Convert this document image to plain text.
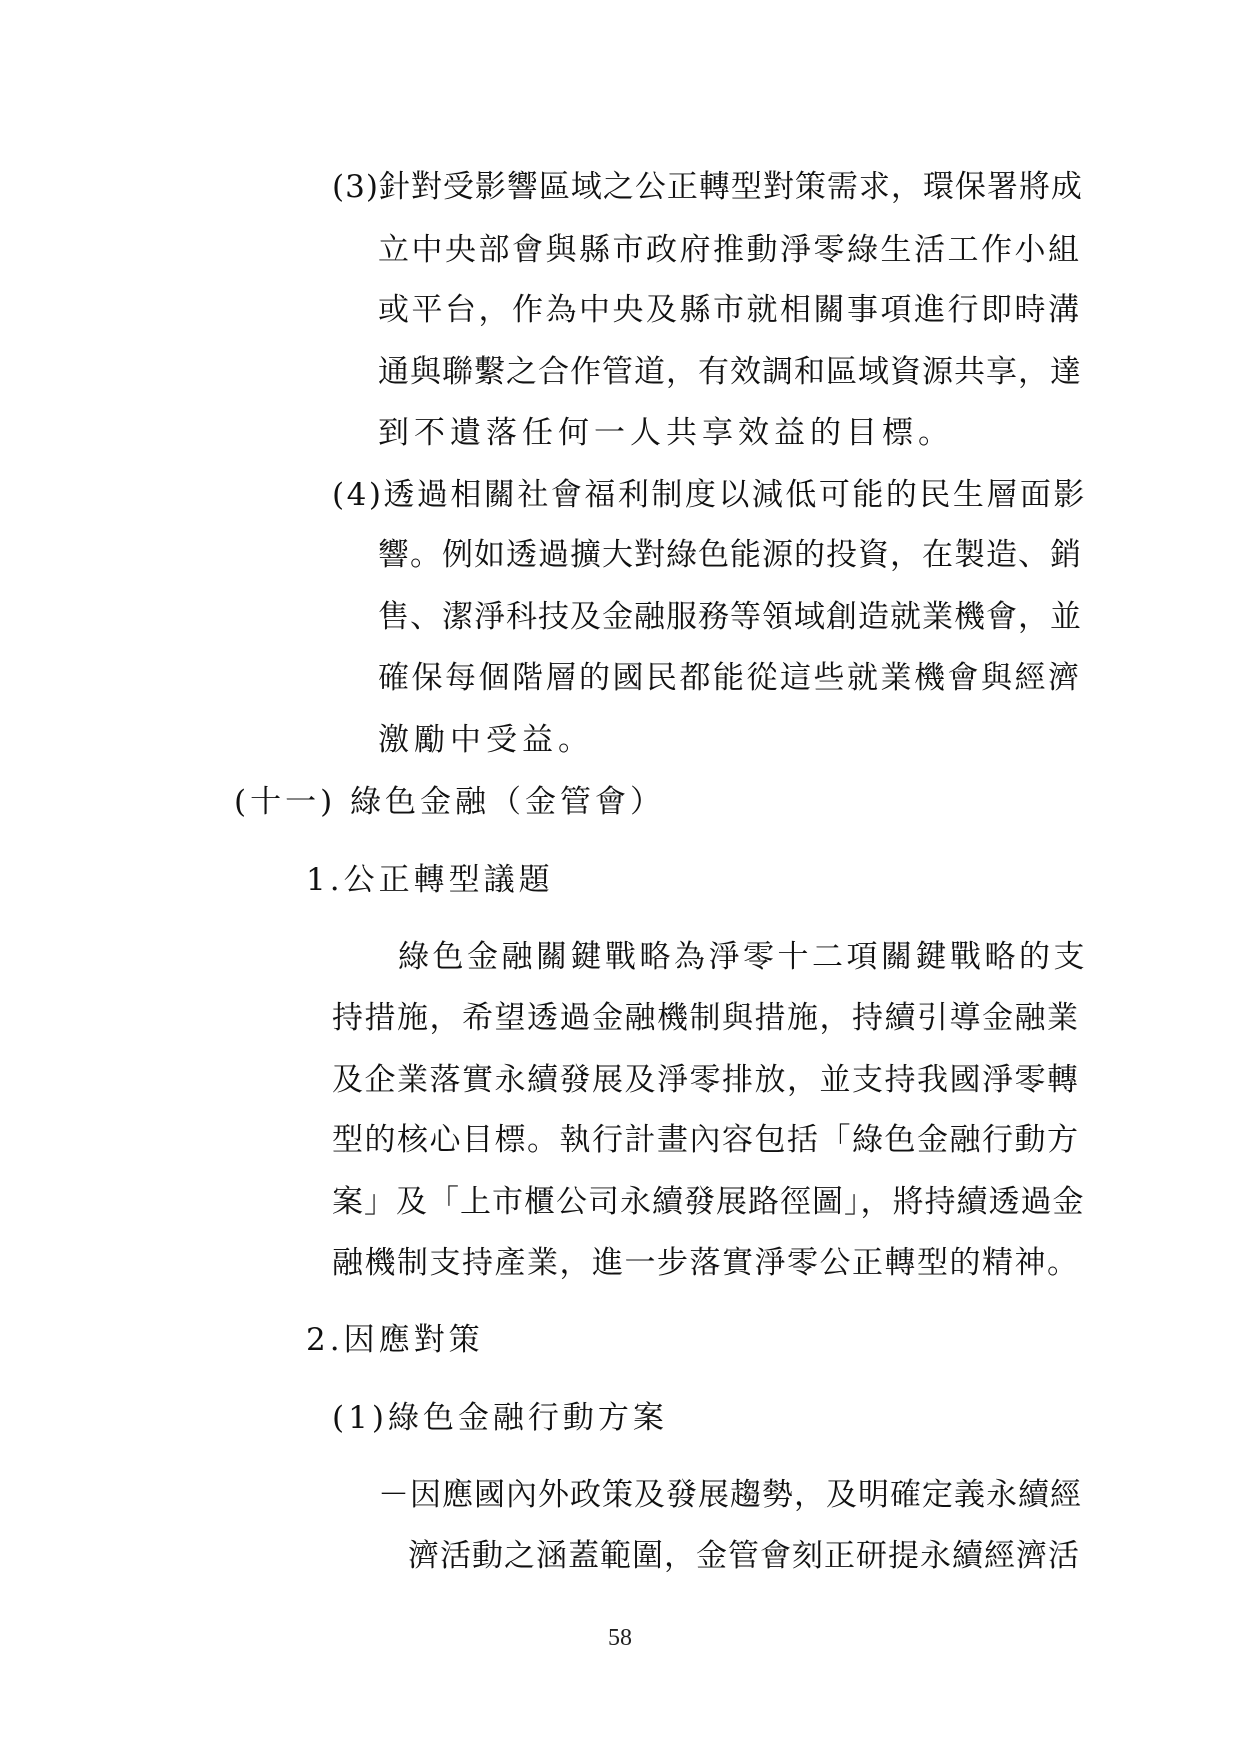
(3)針對受影響區域之公正轉型對策需求，環保署將成
立中央部會與縣市政府推動淨零綠生活工作小組
或平台，作為中央及縣市就相關事項進行即時溝
通與聯繫之合作管道，有效調和區域資源共享，達
到不遺落任何一人共享效益的目標。
(4)透過相關社會福利制度以減低可能的民生層面影
響。例如透過擴大對綠色能源的投資，在製造、銷
售、潔淨科技及金融服務等領域創造就業機會，並
確保每個階層的國民都能從這些就業機會與經濟
激勵中受益。
(十一) 綠色金融（金管會）
1.公正轉型議題
綠色金融關鍵戰略為淨零十二項關鍵戰略的支
持措施，希望透過金融機制與措施，持續引導金融業
及企業落實永續發展及淨零排放，並支持我國淨零轉
型的核心目標。執行計畫內容包括「綠色金融行動方
案」及「上市櫃公司永續發展路徑圖」，將持續透過金
融機制支持產業，進一步落實淨零公正轉型的精神。
2.因應對策
(1)綠色金融行動方案
－因應國內外政策及發展趨勢，及明確定義永續經
濟活動之涵蓋範圍，金管會刻正研提永續經濟活
58
